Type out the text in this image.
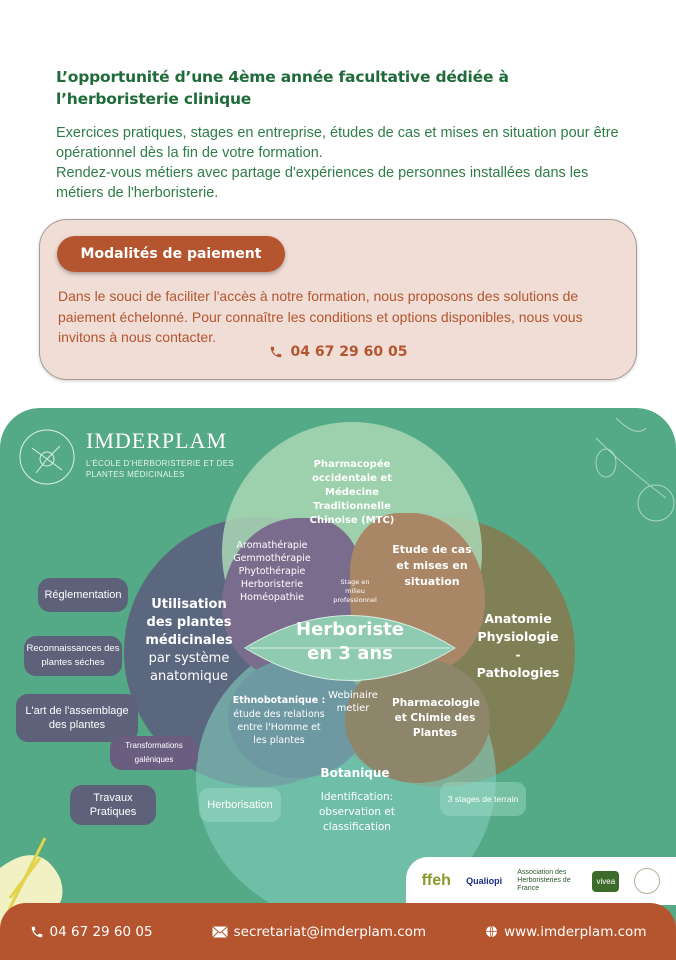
L’opportunité d’une 4ème année facultative dédiée à l’herboristerie clinique

Exercices pratiques, stages en entreprise, études de cas et mises en situation pour être opérationnel dès la fin de votre formation.
Rendez-vous métiers avec partage d'expériences de personnes installées dans les métiers de l'herboristerie.

Modalités de paiement

Dans le souci de faciliter l'accès à notre formation, nous proposons des solutions de paiement échelonné. Pour connaître les conditions et options disponibles, nous vous invitons à nous contacter.

04 67 29 60 05
IMDERPLAM
L’ÉCOLE D’HERBORISTERIE ET DES
PLANTES MÉDICINALES
Pharmacopée occidentale et Médecine Traditionnelle Chinoise (MTC)
Utilisation des plantes médicinales
par système anatomique
Anatomie Physiologie - Pathologies
Etude de cas et mises en situation
Aromathérapie
Gemmothérapie
Phytothérapie
Herboristerie
Homéopathie
Stage en milieu professionnel
Herboriste
en 3 ans
Webinaire metier
Ethnobotanique :
étude des relations entre l'Homme et les plantes
Pharmacologie et Chimie des Plantes
Botanique
Identification: observation et classification
Réglementation
Reconnaissances des plantes séches
L'art de l'assemblage des plantes
Transformations galéniques
Travaux Pratiques
Herborisation	3 stages de terrain
ffeh Qualiopi
Association des Herboristeries de France
vivea
04 67 29 60 05	secretariat@imderplam.com	www.imderplam.com
